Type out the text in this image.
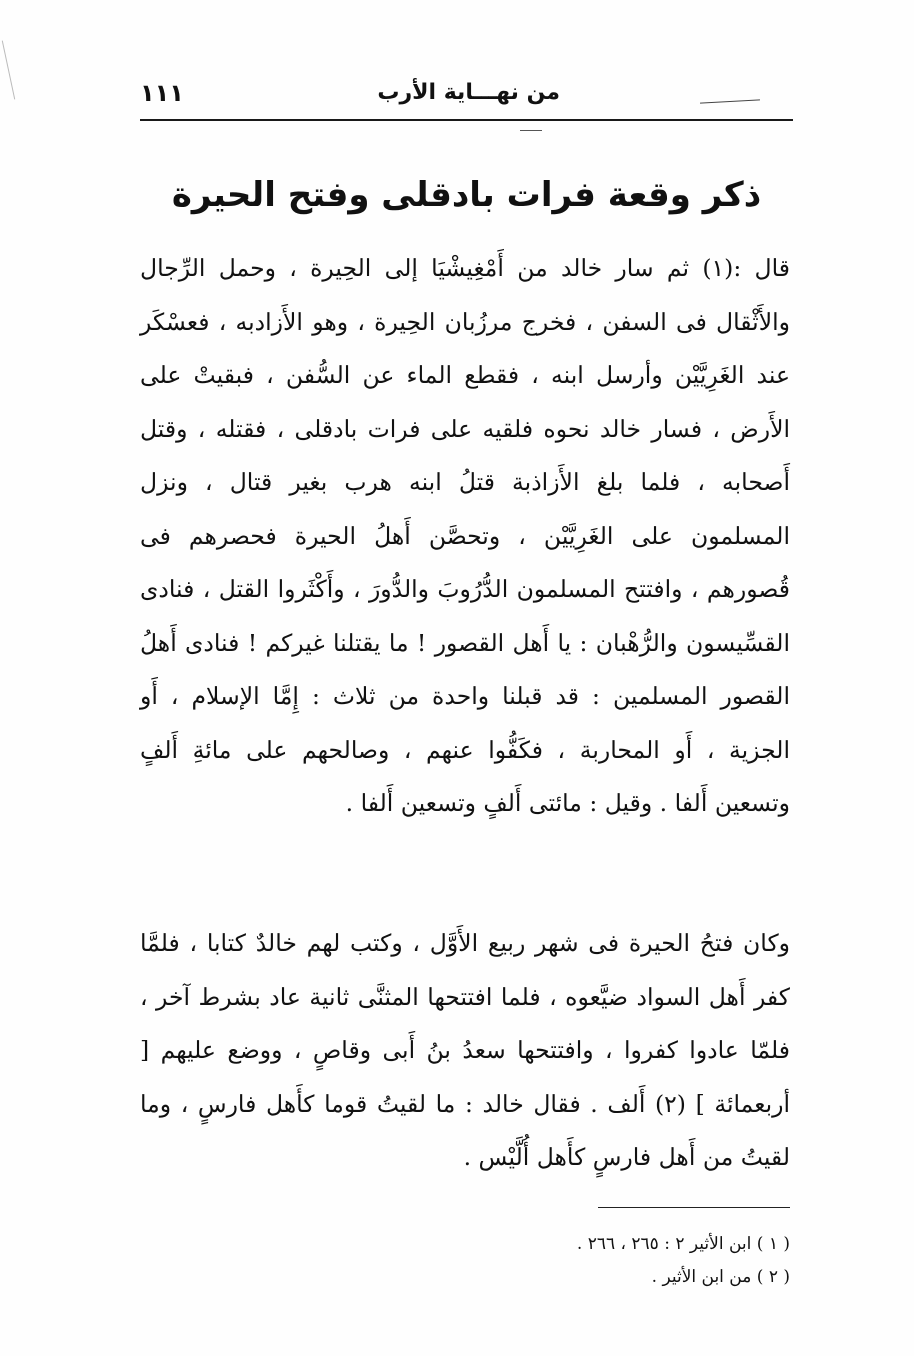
من نهـــاية الأرب
١١١
ذكر وقعة فرات بادقلى وفتح الحيرة
قال :(١) ثم سار خالد من أَمْغِيشْيَا إلى الحِيرة ، وحمل الرِّجال والأَثْقال فى السفن ، فخرج مرزُبان الحِيرة ، وهو الأَزادبه ، فعسْكَر عند الغَرِيَّيْن وأرسل ابنه ، فقطع الماء عن السُّفن ، فبقيتْ على الأَرض ، فسار خالد نحوه فلقيه على فرات بادقلى ، فقتله ، وقتل أَصحابه ، فلما بلغ الأَزاذبة قتلُ ابنه هرب بغير قتال ، ونزل المسلمون على الغَرِيَّيْن ، وتحصَّن أَهلُ الحيرة فحصرهم فى قُصورهم ، وافتتح المسلمون الدُّرُوبَ والدُّورَ ، وأَكْثَروا القتل ، فنادى القسِّيسون والرُّهْبان : يا أَهل القصور ! ما يقتلنا غيركم ! فنادى أَهلُ القصور المسلمين : قد قبلنا واحدة من ثلاث : إِمَّا الإسلام ، أَو الجزية ، أَو المحاربة ، فكَفُّوا عنهم ، وصالحهم على مائةِ أَلفٍ وتسعين أَلفا . وقيل : مائتى أَلفٍ وتسعين أَلفا .
وكان فتحُ الحيرة فى شهر ربيع الأَوَّل ، وكتب لهم خالدٌ كتابا ، فلمَّا كفر أَهل السواد ضيَّعوه ، فلما افتتحها المثنَّى ثانية عاد بشرط آخر ، فلمّا عادوا كفروا ، وافتتحها سعدُ بنُ أَبى وقاصٍ ، ووضع عليهم [ أربعمائة ] (٢) أَلف . فقال خالد : ما لقيتُ قوما كأَهل فارسٍ ، وما لقيتُ من أَهل فارسٍ كأَهل أُلَّيْس .
( ١ ) ابن الأثير ٢ : ٢٦٥ ، ٢٦٦ .
( ٢ ) من ابن الأثير .
